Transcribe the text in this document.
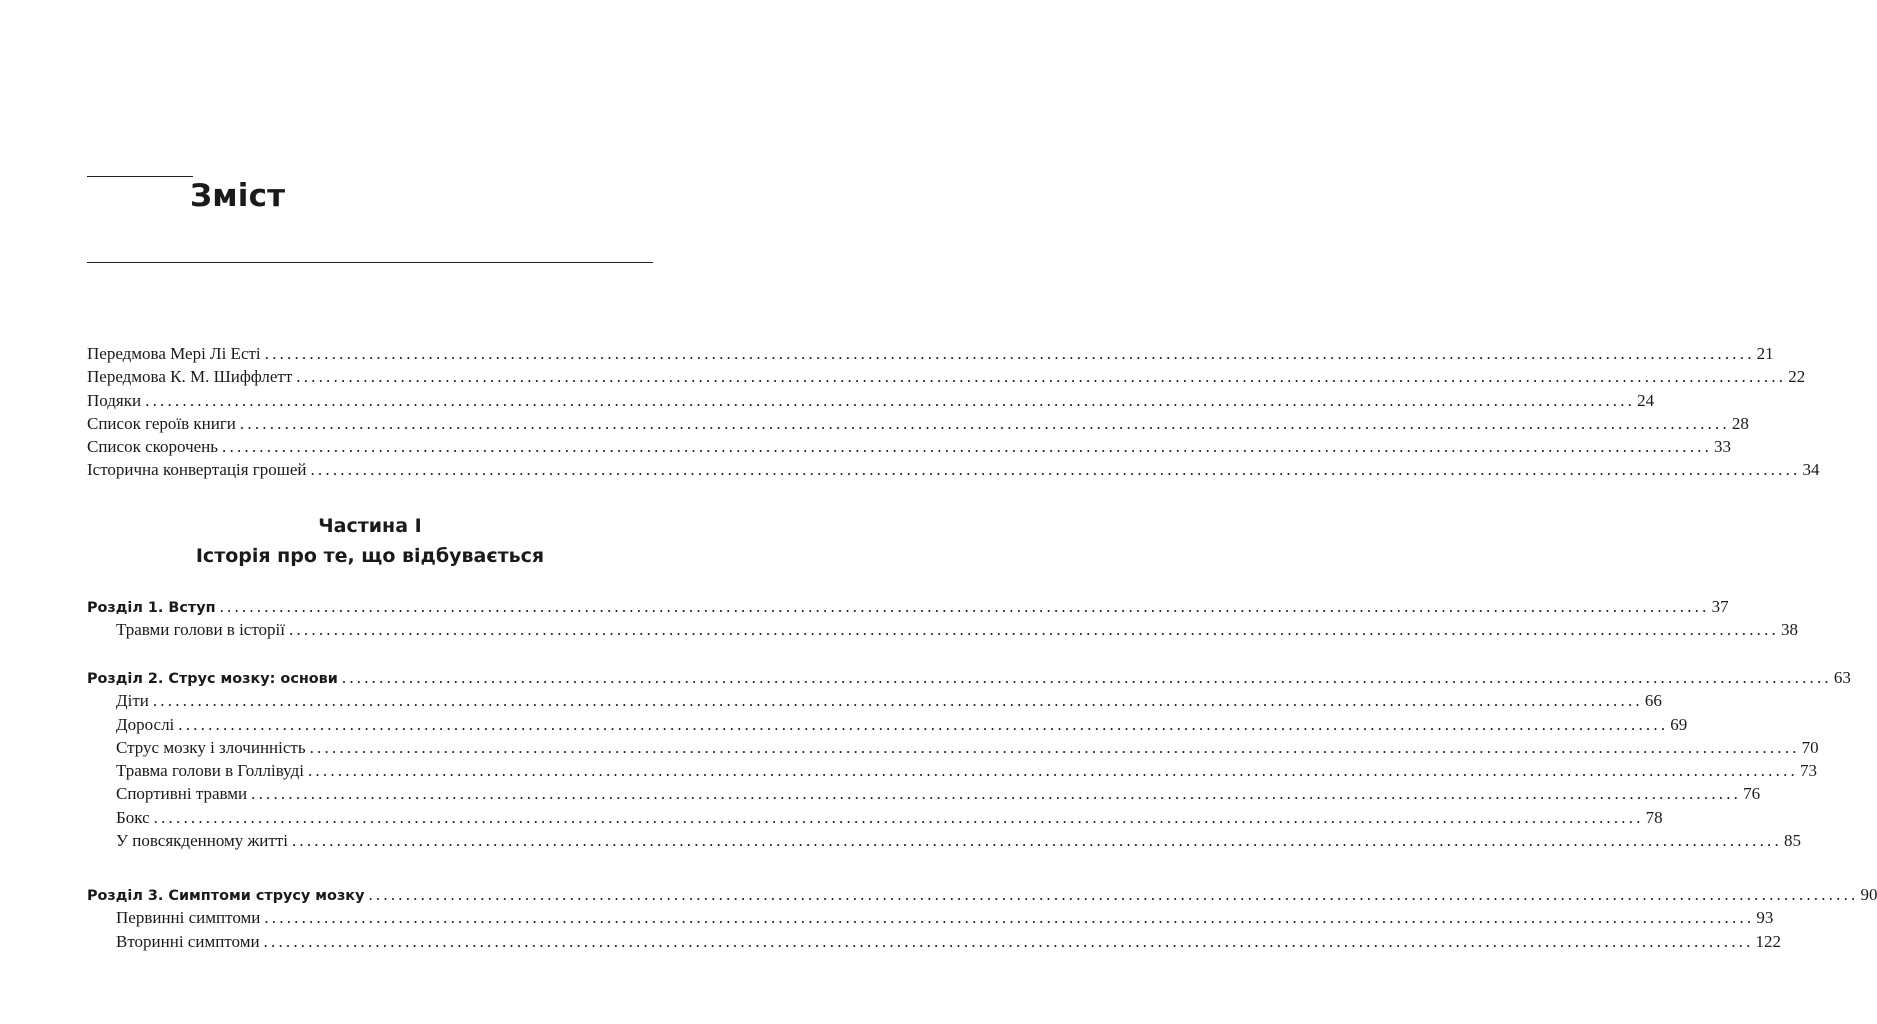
Зміст
Передмова Мері Лі Есті ........................................................................................................................................................................................................ 21
Передмова К. М. Шиффлетт ........................................................................................................................................................................................................ 22
Подяки ........................................................................................................................................................................................................ 24
Список героїв книги ........................................................................................................................................................................................................ 28
Список скорочень ........................................................................................................................................................................................................ 33
Історична конвертація грошей ........................................................................................................................................................................................................ 34
Частина І
Історія про те, що відбувається
Розділ 1. Вступ ........................................................................................................................................................................................................ 37
Травми голови в історії ........................................................................................................................................................................................................ 38
Розділ 2. Струс мозку: основи ........................................................................................................................................................................................................ 63
Діти ........................................................................................................................................................................................................ 66
Дорослі ........................................................................................................................................................................................................ 69
Струс мозку і злочинність ........................................................................................................................................................................................................ 70
Травма голови в Голлівуді ........................................................................................................................................................................................................ 73
Спортивні травми ........................................................................................................................................................................................................ 76
Бокс ........................................................................................................................................................................................................ 78
У повсякденному житті ........................................................................................................................................................................................................ 85
Розділ 3. Симптоми струсу мозку ........................................................................................................................................................................................................ 90
Первинні симптоми ........................................................................................................................................................................................................ 93
Вторинні симптоми ........................................................................................................................................................................................................ 122
